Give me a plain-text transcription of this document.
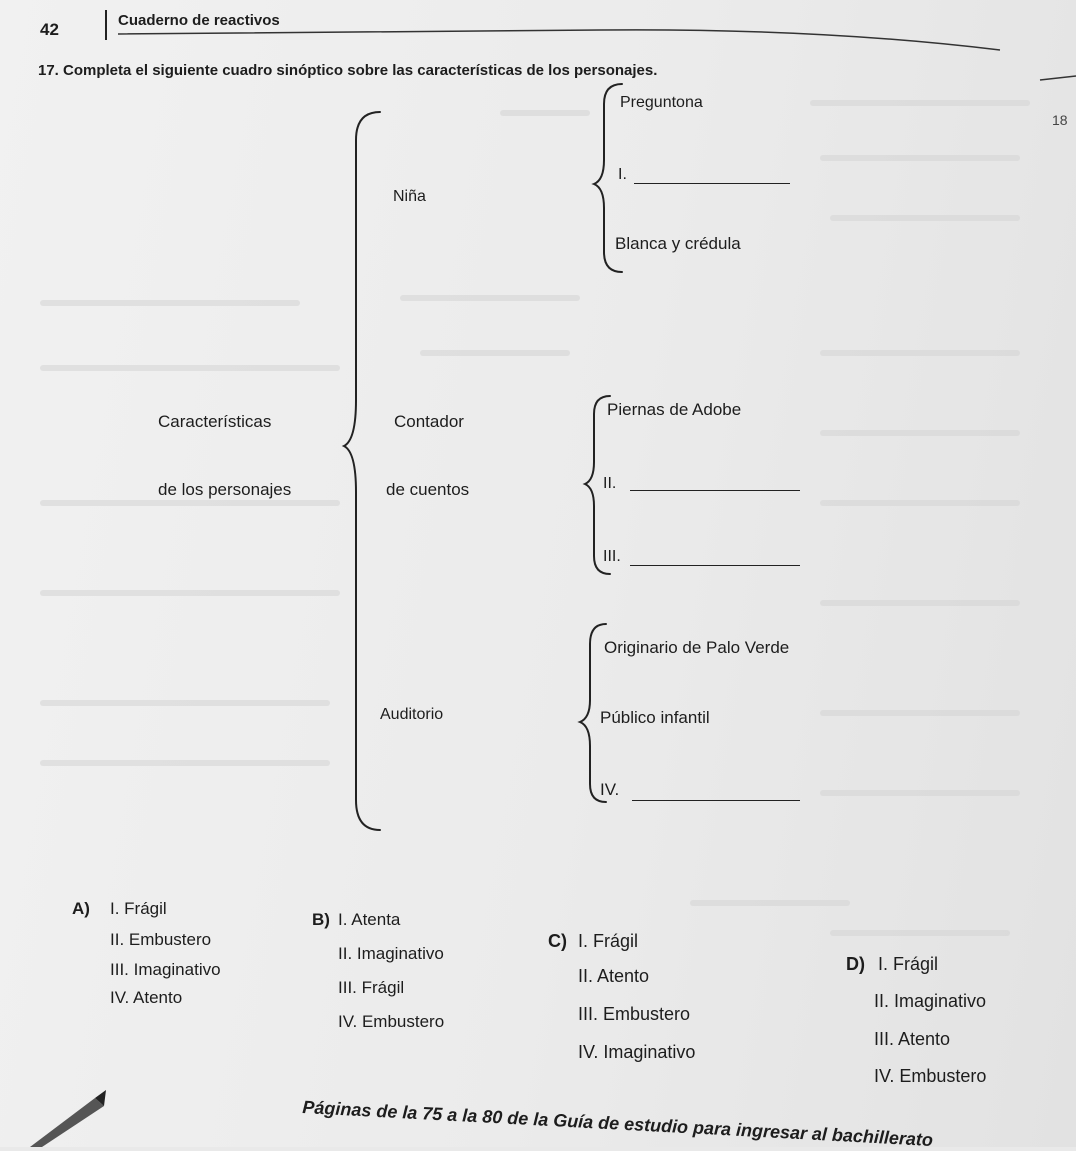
42	Cuaderno de reactivos
17. Completa el siguiente cuadro sinóptico sobre las características de los personajes.
18
Características
de los personajes
Niña
Preguntona
I.
Blanca y crédula
Contador
de cuentos
Piernas de Adobe
II.
III.
Auditorio
Originario de Palo Verde
Público infantil
IV.
A) I. Frágil
II. Embustero
III. Imaginativo
IV. Atento
B) I. Atenta
II. Imaginativo
III. Frágil
IV. Embustero
C) I. Frágil
II. Atento
III. Embustero
IV. Imaginativo
D) I. Frágil
II. Imaginativo
III. Atento
IV. Embustero
Páginas de la 75 a la 80 de la Guía de estudio para ingresar al bachillerato
